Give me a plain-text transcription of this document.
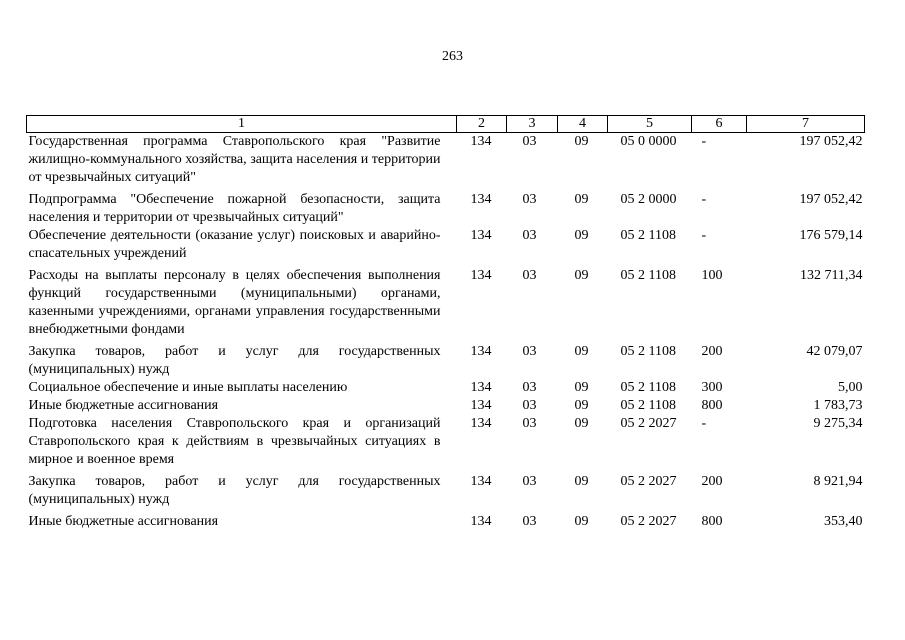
263
1	2	3	4	5	6	7
Государственная программа Ставропольского края "Развитие жилищно-коммунального хозяйства, защита населения и территории от чрезвычайных ситуаций"	134	03	09	05 0 0000	-	197 052,42
Подпрограмма "Обеспечение пожарной безопасности, защита населения и территории от чрезвычайных ситуаций"	134	03	09	05 2 0000	-	197 052,42
Обеспечение деятельности (оказание услуг) поисковых и аварийно-спасательных учреждений	134	03	09	05 2 1108	-	176 579,14
Расходы на выплаты персоналу в целях обеспечения выполнения функций государственными (муниципальными) органами, казенными учреждениями, органами управления государственными внебюджетными фондами	134	03	09	05 2 1108	100	132 711,34
Закупка товаров, работ и услуг для государственных (муниципальных) нужд	134	03	09	05 2 1108	200	42 079,07
Социальное обеспечение и иные выплаты населению	134	03	09	05 2 1108	300	5,00
Иные бюджетные ассигнования	134	03	09	05 2 1108	800	1 783,73
Подготовка населения Ставропольского края и организаций Ставропольского края к действиям в чрезвычайных ситуациях в мирное и военное время	134	03	09	05 2 2027	-	9 275,34
Закупка товаров, работ и услуг для государственных (муниципальных) нужд	134	03	09	05 2 2027	200	8 921,94
Иные бюджетные ассигнования	134	03	09	05 2 2027	800	353,40
